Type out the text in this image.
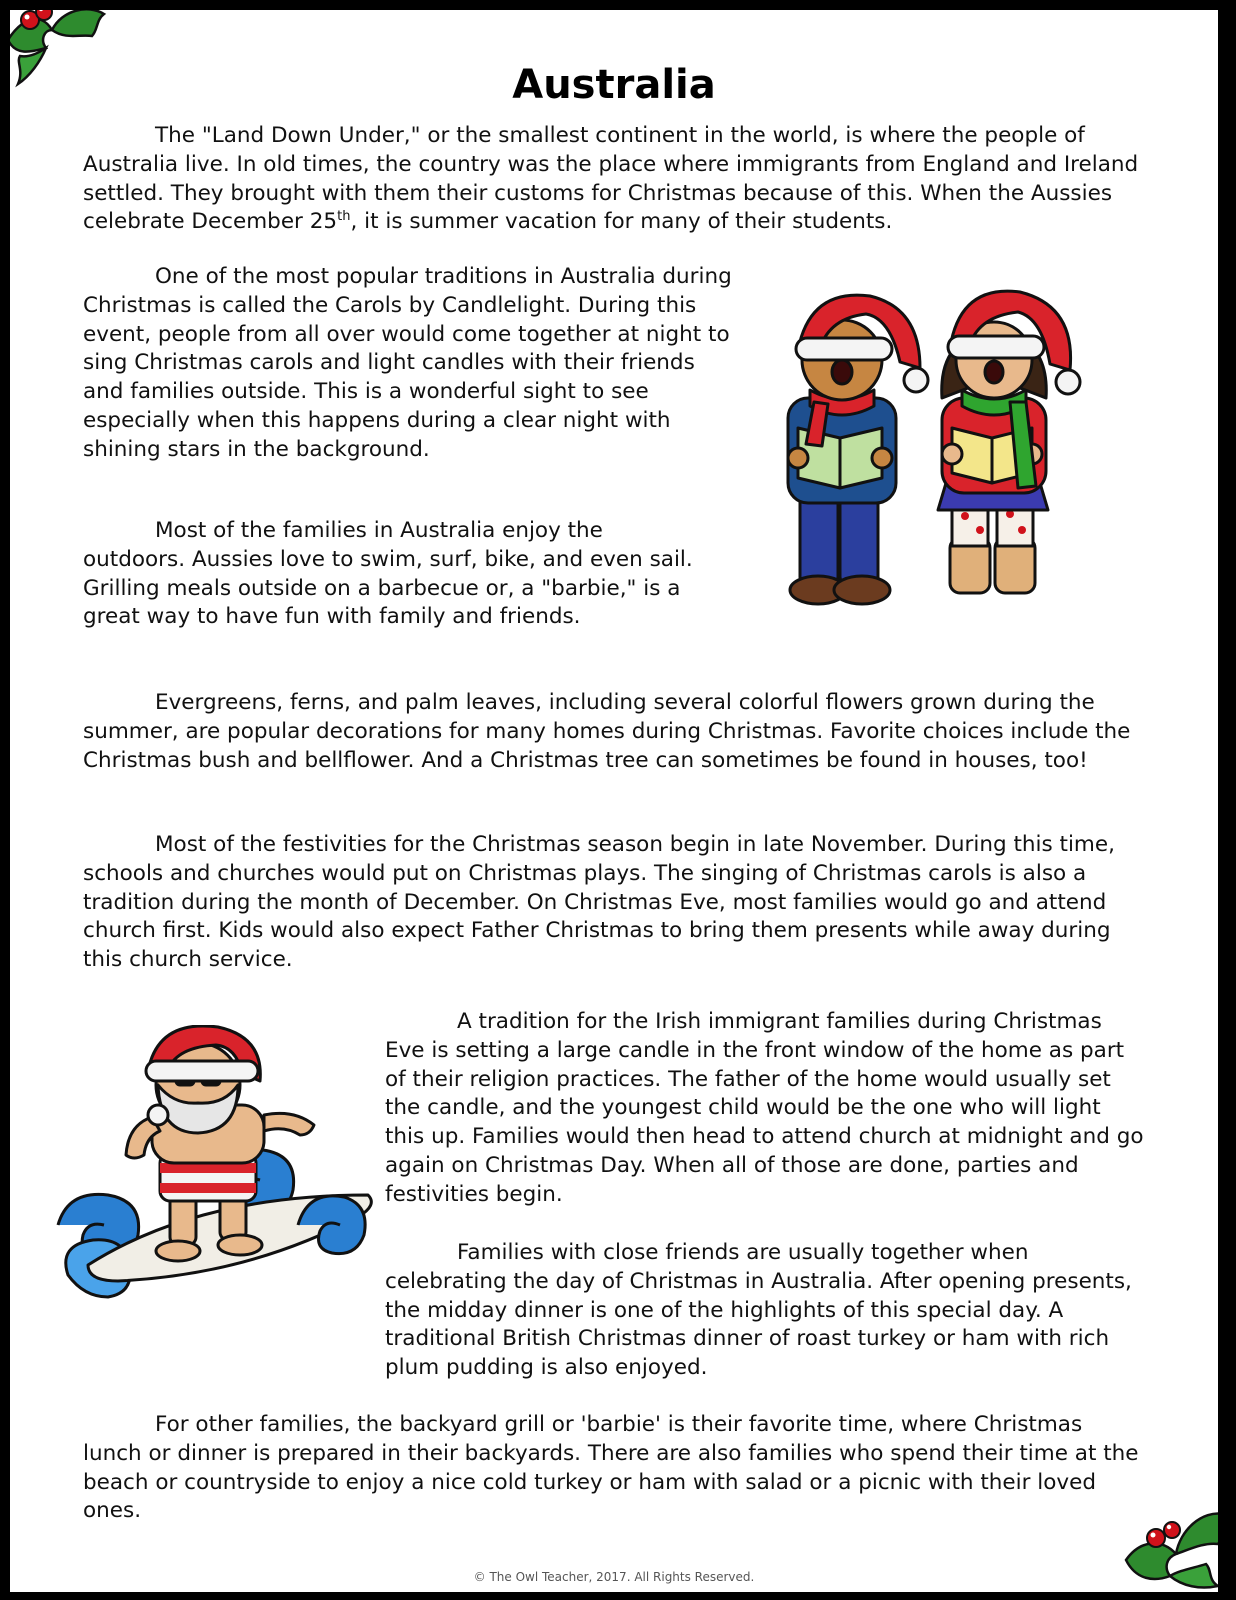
Australia

The "Land Down Under," or the smallest continent in the world, is where the people of Australia live. In old times, the country was the place where immigrants from England and Ireland settled. They brought with them their customs for Christmas because of this. When the Aussies celebrate December 25th, it is summer vacation for many of their students.

One of the most popular traditions in Australia during Christmas is called the Carols by Candlelight. During this event, people from all over would come together at night to sing Christmas carols and light candles with their friends and families outside. This is a wonderful sight to see especially when this happens during a clear night with shining stars in the background.

Most of the families in Australia enjoy the outdoors. Aussies love to swim, surf, bike, and even sail. Grilling meals outside on a barbecue or, a "barbie," is a great way to have fun with family and friends.

Evergreens, ferns, and palm leaves, including several colorful flowers grown during the summer, are popular decorations for many homes during Christmas. Favorite choices include the Christmas bush and bellflower. And a Christmas tree can sometimes be found in houses, too!

Most of the festivities for the Christmas season begin in late November. During this time, schools and churches would put on Christmas plays. The singing of Christmas carols is also a tradition during the month of December. On Christmas Eve, most families would go and attend church first. Kids would also expect Father Christmas to bring them presents while away during this church service.

A tradition for the Irish immigrant families during Christmas Eve is setting a large candle in the front window of the home as part of their religion practices. The father of the home would usually set the candle, and the youngest child would be the one who will light this up. Families would then head to attend church at midnight and go again on Christmas Day. When all of those are done, parties and festivities begin.

Families with close friends are usually together when celebrating the day of Christmas in Australia. After opening presents, the midday dinner is one of the highlights of this special day. A traditional British Christmas dinner of roast turkey or ham with rich plum pudding is also enjoyed.

For other families, the backyard grill or 'barbie' is their favorite time, where Christmas lunch or dinner is prepared in their backyards. There are also families who spend their time at the beach or countryside to enjoy a nice cold turkey or ham with salad or a picnic with their loved ones.

© The Owl Teacher, 2017. All Rights Reserved.
